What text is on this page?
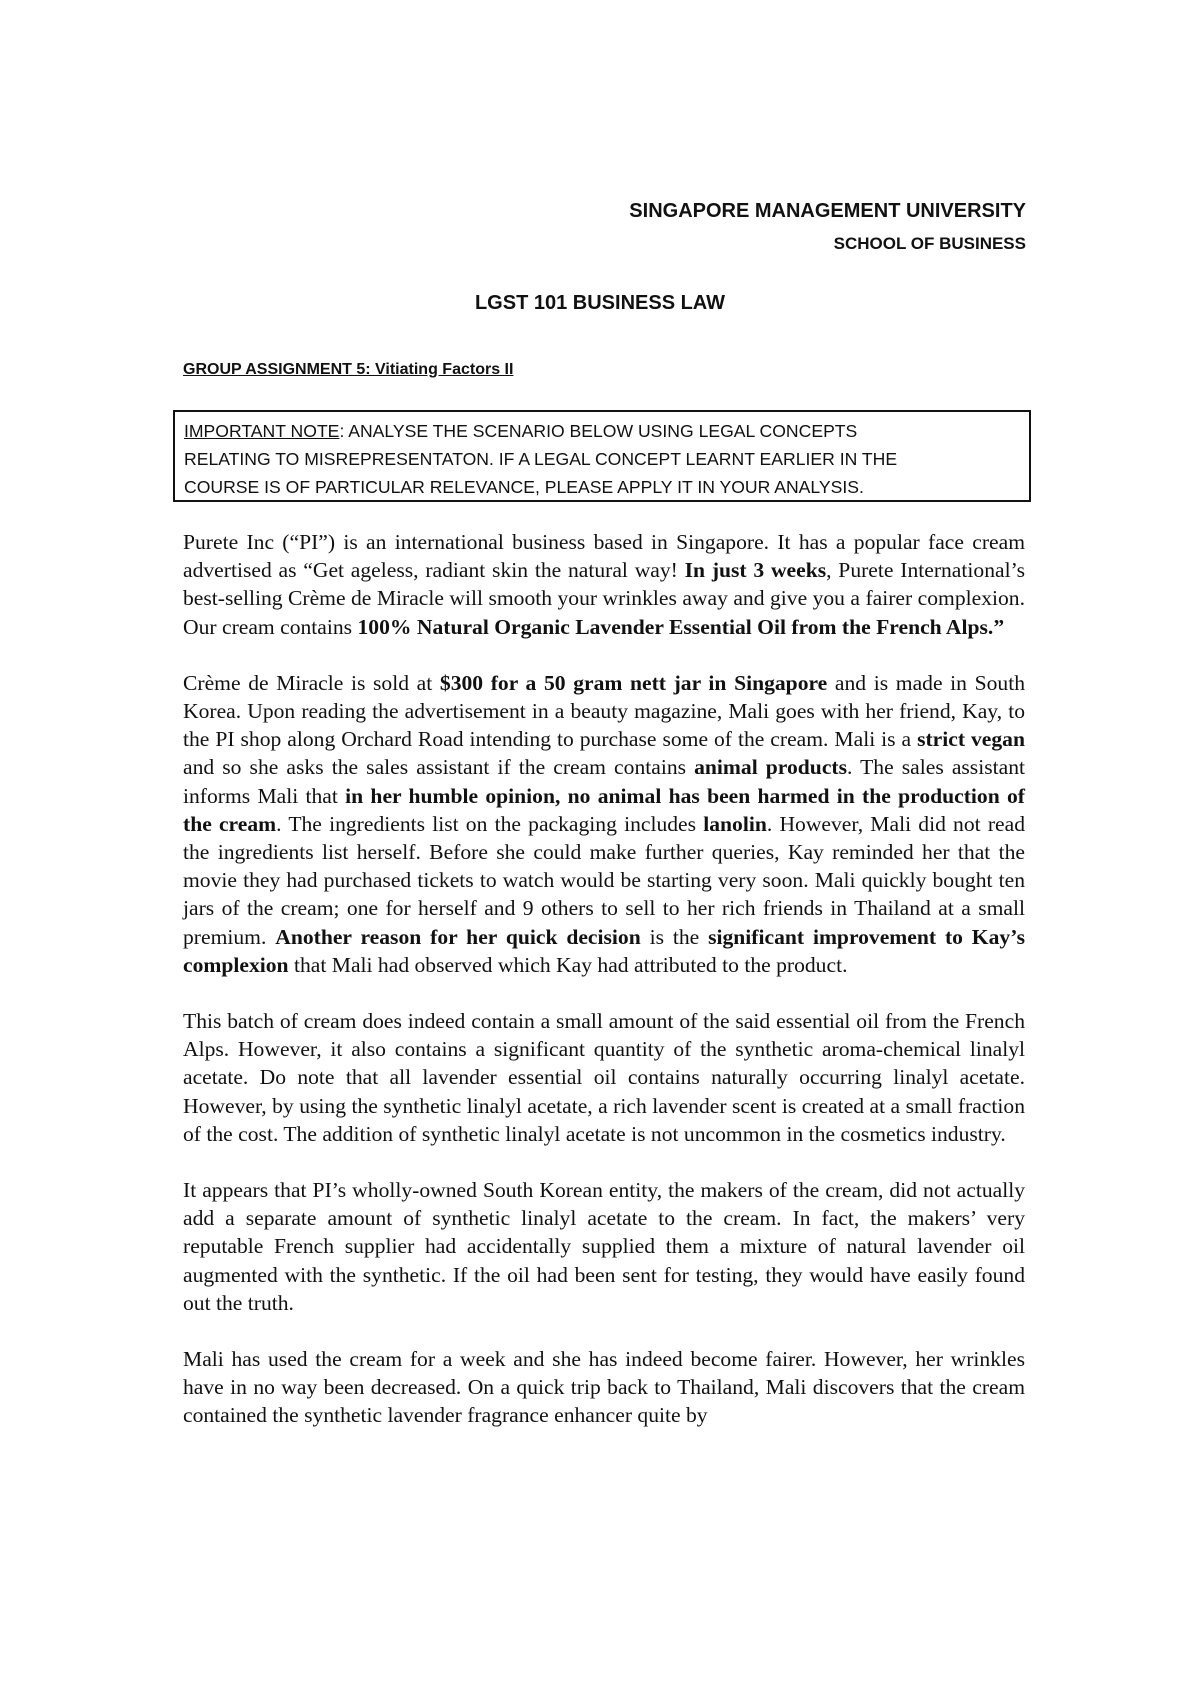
SINGAPORE MANAGEMENT UNIVERSITY
SCHOOL OF BUSINESS
LGST 101 BUSINESS LAW
GROUP ASSIGNMENT 5: Vitiating Factors II
IMPORTANT NOTE: ANALYSE THE SCENARIO BELOW USING LEGAL CONCEPTS
RELATING TO MISREPRESENTATON. IF A LEGAL CONCEPT LEARNT EARLIER IN THE
COURSE IS OF PARTICULAR RELEVANCE, PLEASE APPLY IT IN YOUR ANALYSIS.

Purete Inc (“PI”) is an international business based in Singapore. It has a popular face cream advertised as “Get ageless, radiant skin the natural way! In just 3 weeks, Purete International’s best-selling Crème de Miracle will smooth your wrinkles away and give you a fairer complexion. Our cream contains 100% Natural Organic Lavender Essential Oil from the French Alps.”

Crème de Miracle is sold at $300 for a 50 gram nett jar in Singapore and is made in South Korea. Upon reading the advertisement in a beauty magazine, Mali goes with her friend, Kay, to the PI shop along Orchard Road intending to purchase some of the cream. Mali is a strict vegan and so she asks the sales assistant if the cream contains animal products. The sales assistant informs Mali that in her humble opinion, no animal has been harmed in the production of the cream. The ingredients list on the packaging includes lanolin. However, Mali did not read the ingredients list herself. Before she could make further queries, Kay reminded her that the movie they had purchased tickets to watch would be starting very soon. Mali quickly bought ten jars of the cream; one for herself and 9 others to sell to her rich friends in Thailand at a small premium. Another reason for her quick decision is the significant improvement to Kay’s complexion that Mali had observed which Kay had attributed to the product.

This batch of cream does indeed contain a small amount of the said essential oil from the French Alps. However, it also contains a significant quantity of the synthetic aroma-chemical linalyl acetate. Do note that all lavender essential oil contains naturally occurring linalyl acetate. However, by using the synthetic linalyl acetate, a rich lavender scent is created at a small fraction of the cost. The addition of synthetic linalyl acetate is not uncommon in the cosmetics industry.

It appears that PI’s wholly-owned South Korean entity, the makers of the cream, did not actually add a separate amount of synthetic linalyl acetate to the cream. In fact, the makers’ very reputable French supplier had accidentally supplied them a mixture of natural lavender oil augmented with the synthetic. If the oil had been sent for testing, they would have easily found out the truth.

Mali has used the cream for a week and she has indeed become fairer. However, her wrinkles have in no way been decreased. On a quick trip back to Thailand, Mali discovers that the cream contained the synthetic lavender fragrance enhancer quite by
